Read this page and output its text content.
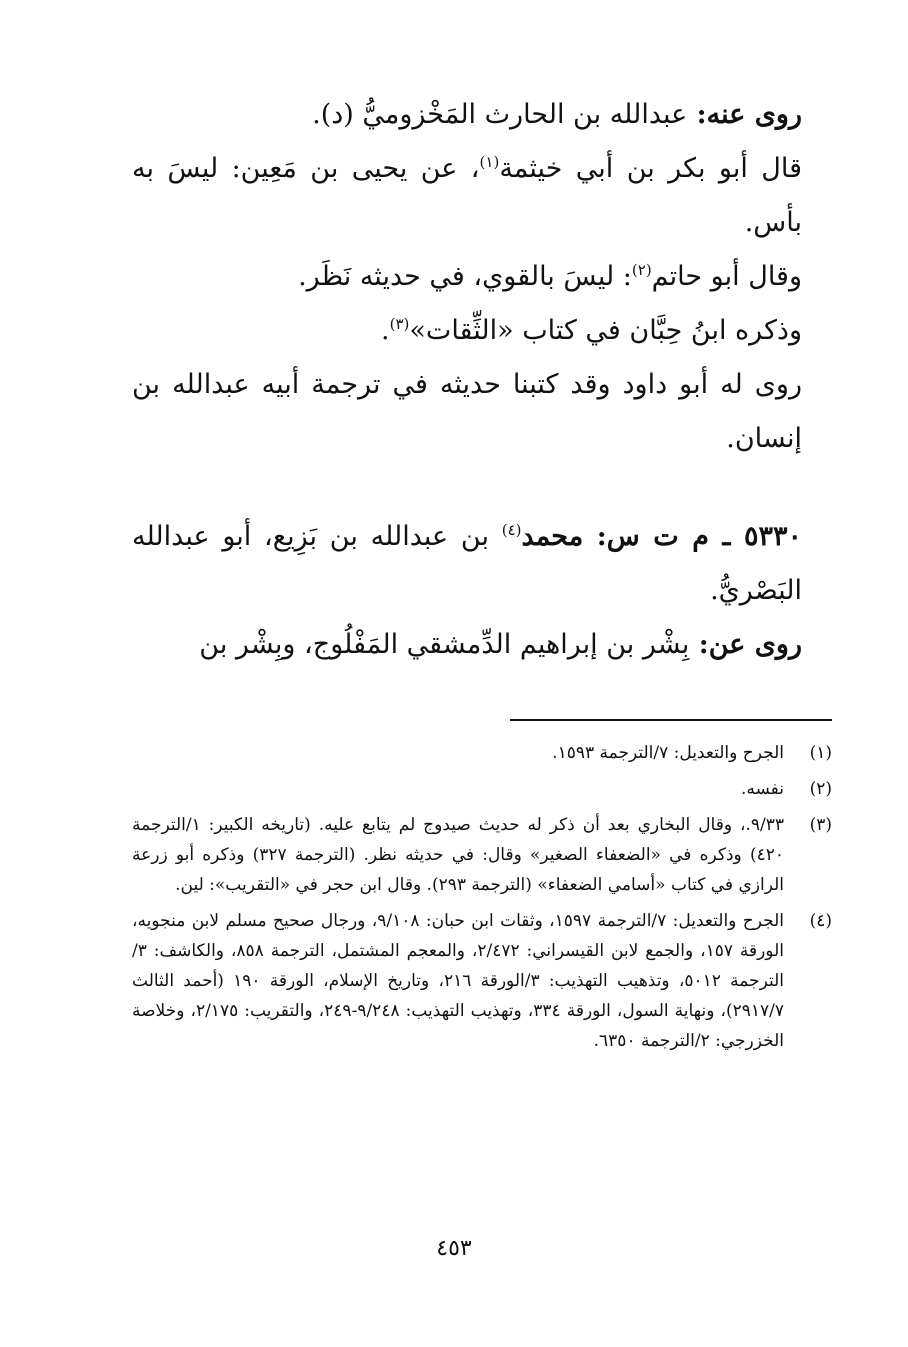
روى عنه: عبدالله بن الحارث المَخْزوميُّ (د).

قال أبو بكر بن أبي خيثمة$^{(١)}$، عن يحيى بن مَعِين: ليسَ به بأس.

وقال أبو حاتم$^{(٢)}$: ليسَ بالقوي، في حديثه نَظَر.

وذكره ابنُ حِبَّان في كتاب «الثِّقات»$^{(٣)}$.

روى له أبو داود وقد كتبنا حديثه في ترجمة أبيه عبدالله بن إنسان.

٥٣٣٠ ـ م ت س: محمد$^{(٤)}$ بن عبدالله بن بَزِيع، أبو عبدالله البَصْريُّ.

روى عن: بِشْر بن إبراهيم الدِّمشقي المَفْلُوج، وبِشْر بن

(١)
الجرح والتعديل: ٧/الترجمة ١٥٩٣.
(٢)
نفسه.
(٣)
٩/٣٣.، وقال البخاري بعد أن ذكر له حديث صيدوج لم يتابع عليه. (تاريخه الكبير: ١/الترجمة ٤٢٠) وذكره في «الضعفاء الصغير» وقال: في حديثه نظر. (الترجمة ٣٢٧) وذكره أبو زرعة الرازي في كتاب «أسامي الضعفاء» (الترجمة ٢٩٣). وقال ابن حجر في «التقريب»: لين.
(٤)
الجرح والتعديل: ٧/الترجمة ١٥٩٧، وثقات ابن حبان: ٩/١٠٨، ورجال صحيح مسلم لابن منجويه، الورقة ١٥٧، والجمع لابن القيسراني: ٢/٤٧٢، والمعجم المشتمل، الترجمة ٨٥٨، والكاشف: ٣/الترجمة ٥٠١٢، وتذهيب التهذيب: ٣/الورقة ٢١٦، وتاريخ الإسلام، الورقة ١٩٠ (أحمد الثالث ٢٩١٧/٧)، ونهاية السول، الورقة ٣٣٤، وتهذيب التهذيب: ٩/٢٤٨-٢٤٩، والتقريب: ٢/١٧٥، وخلاصة الخزرجي: ٢/الترجمة ٦٣٥٠.
٤٥٣
